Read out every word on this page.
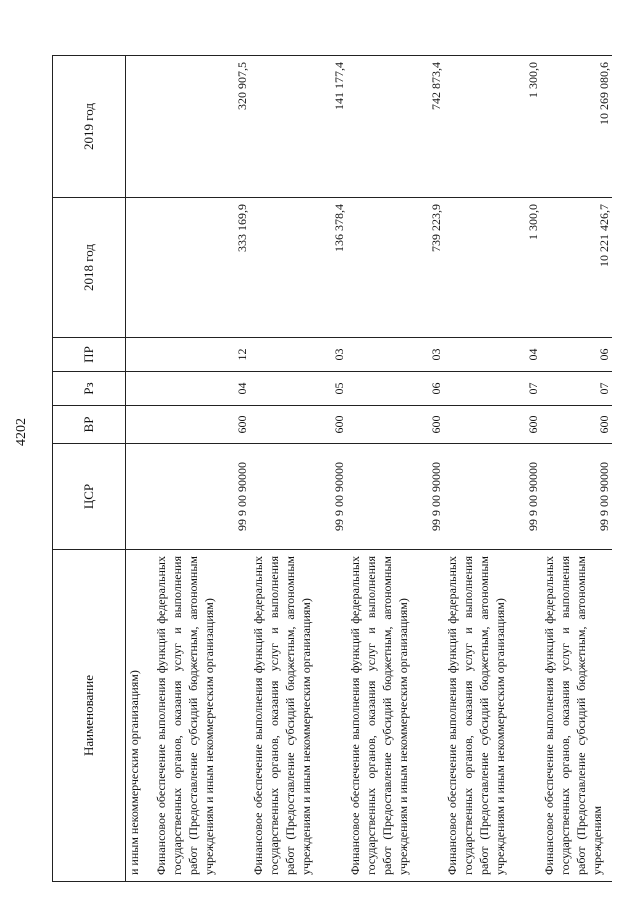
4202
Наименование	ЦСР	ВР	Рз	ПР	2018 год	2019 год
и иным некоммерческим организациям)						
Финансовое обеспечение выполнения функций федеральных государственных органов, оказания услуг и выполнения работ (Предоставление субсидий бюджетным, автономным учреждениям и иным некоммерческим организациям)	99 9 00 90000	600	04	12	333 169,9	320 907,5
Финансовое обеспечение выполнения функций федеральных государственных органов, оказания услуг и выполнения работ (Предоставление субсидий бюджетным, автономным учреждениям и иным некоммерческим организациям)	99 9 00 90000	600	05	03	136 378,4	141 177,4
Финансовое обеспечение выполнения функций федеральных государственных органов, оказания услуг и выполнения работ (Предоставление субсидий бюджетным, автономным учреждениям и иным некоммерческим организациям)	99 9 00 90000	600	06	03	739 223,9	742 873,4
Финансовое обеспечение выполнения функций федеральных государственных органов, оказания услуг и выполнения работ (Предоставление субсидий бюджетным, автономным учреждениям и иным некоммерческим организациям)	99 9 00 90000	600	07	04	1 300,0	1 300,0
Финансовое обеспечение выполнения функций федеральных государственных органов, оказания услуг и выполнения работ (Предоставление субсидий бюджетным, автономным учреждениям	99 9 00 90000	600	07	06	10 221 426,7	10 269 080,6
